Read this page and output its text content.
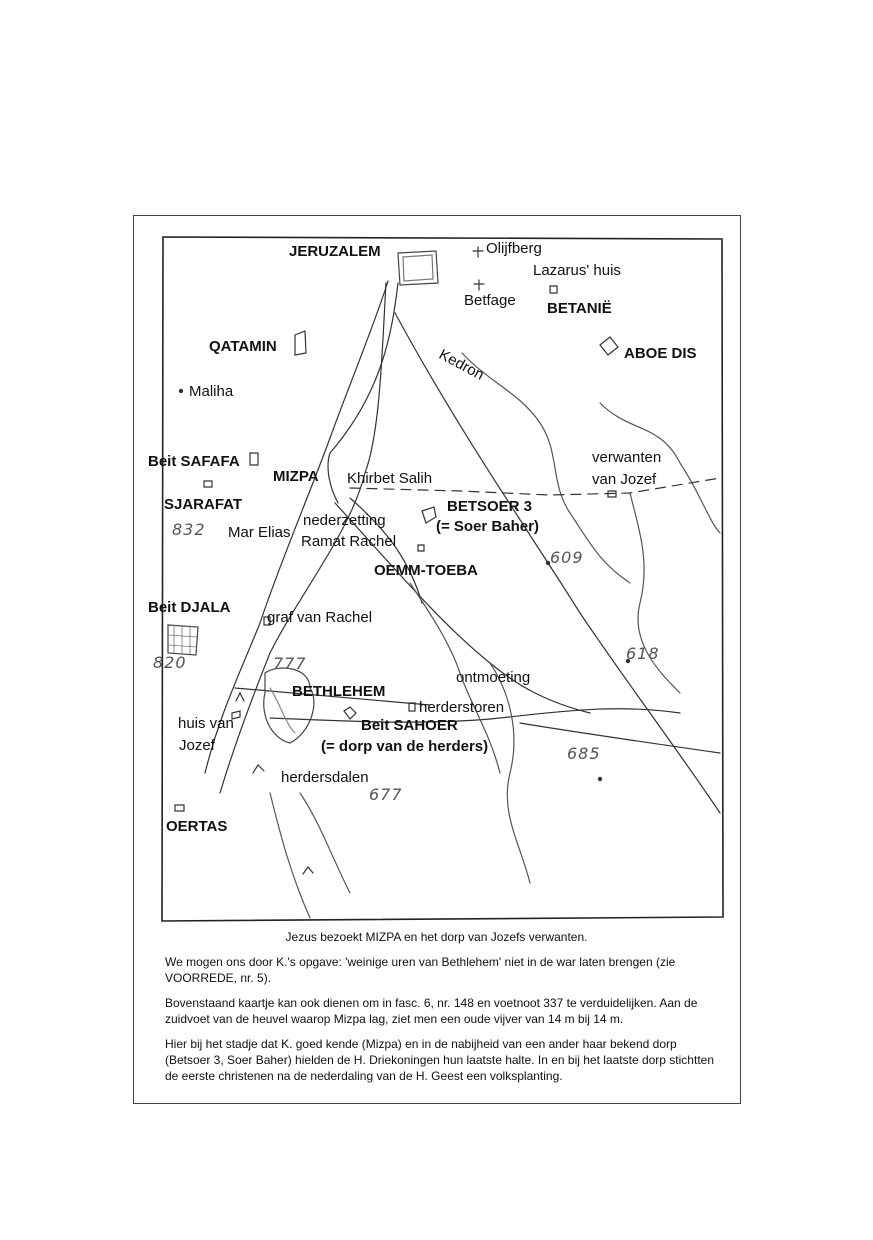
JERUZALEM	Olijfberg
Lazarus' huis
Betfage BETANIË
QATAMIN	Kedron	ABOE DIS
Maliha
Beit SAFAFA
MIZPA Khirbet Salih
verwanten
van Jozef
SJARAFAT	BETSOER 3
(= Soer Baher)
832 Mar Elias
nederzetting
Ramat Rachel
609
OEMM-TOEBA
Beit DJALA
graf van Rachel
618
820	777
ontmoeting
BETHLEHEM
herderstoren
huis van
Jozef
Beit SAHOER
(= dorp van de herders)	685
herdersdalen
677
OERTAS
Jezus bezoekt MIZPA en het dorp van Jozefs verwanten.
We mogen ons door K.'s opgave: 'weinige uren van Bethlehem' niet in de war laten brengen (zie VOORREDE, nr. 5).
Bovenstaand kaartje kan ook dienen om in fasc. 6, nr. 148 en voetnoot 337 te verduidelijken. Aan de zuidvoet van de heuvel waarop Mizpa lag, ziet men een oude vijver van 14 m bij 14 m.
Hier bij het stadje dat K. goed kende (Mizpa) en in de nabijheid van een ander haar bekend dorp (Betsoer 3, Soer Baher) hielden de H. Driekoningen hun laatste halte. In en bij het laatste dorp stichtten de eerste christenen na de nederdaling van de H. Geest een volksplanting.
